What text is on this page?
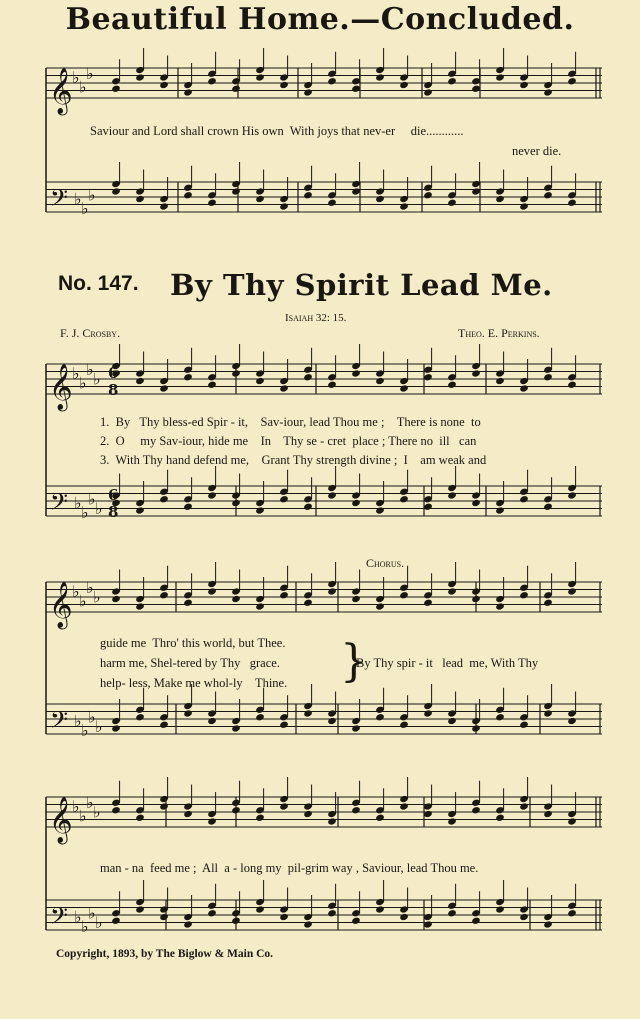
Beautiful Home.—Concluded.
𝄞
𝄢
♭ ♭
♭
♭ ♭
♭
𝄞
𝄢
♭ ♭
♭ ♭
♭ ♭
♭ ♭
𝄞
𝄢
♭ ♭
♭ ♭
♭ ♭
♭ ♭
𝄞
𝄢
♭ ♭
♭ ♭
♭ ♭
♭ ♭
6
8
6
8
Saviour and Lord shall crown His own  With joys that nev-er     die............
never die.
No. 147. By Thy Spirit Lead Me.
Isaiah 32: 15.
F. J. Crosby.	Theo. E. Perkins.
1.  By   Thy bless-ed Spir - it,    Sav-iour, lead Thou me ;    There is none  to
2.  O     my Sav-iour, hide me    In    Thy se - cret  place ; There no  ill   can
3.  With Thy hand defend me,    Grant Thy strength divine ;  I    am weak and
Chorus.
guide me  Thro' this world, but Thee.
harm me, Shel-tered by Thy   grace.
help- less, Make me whol-ly    Thine. }
By Thy spir - it   lead  me, With Thy
man - na  feed me ;  All  a - long my  pil-grim way , Saviour, lead Thou me.
Copyright, 1893, by The Biglow & Main Co.
